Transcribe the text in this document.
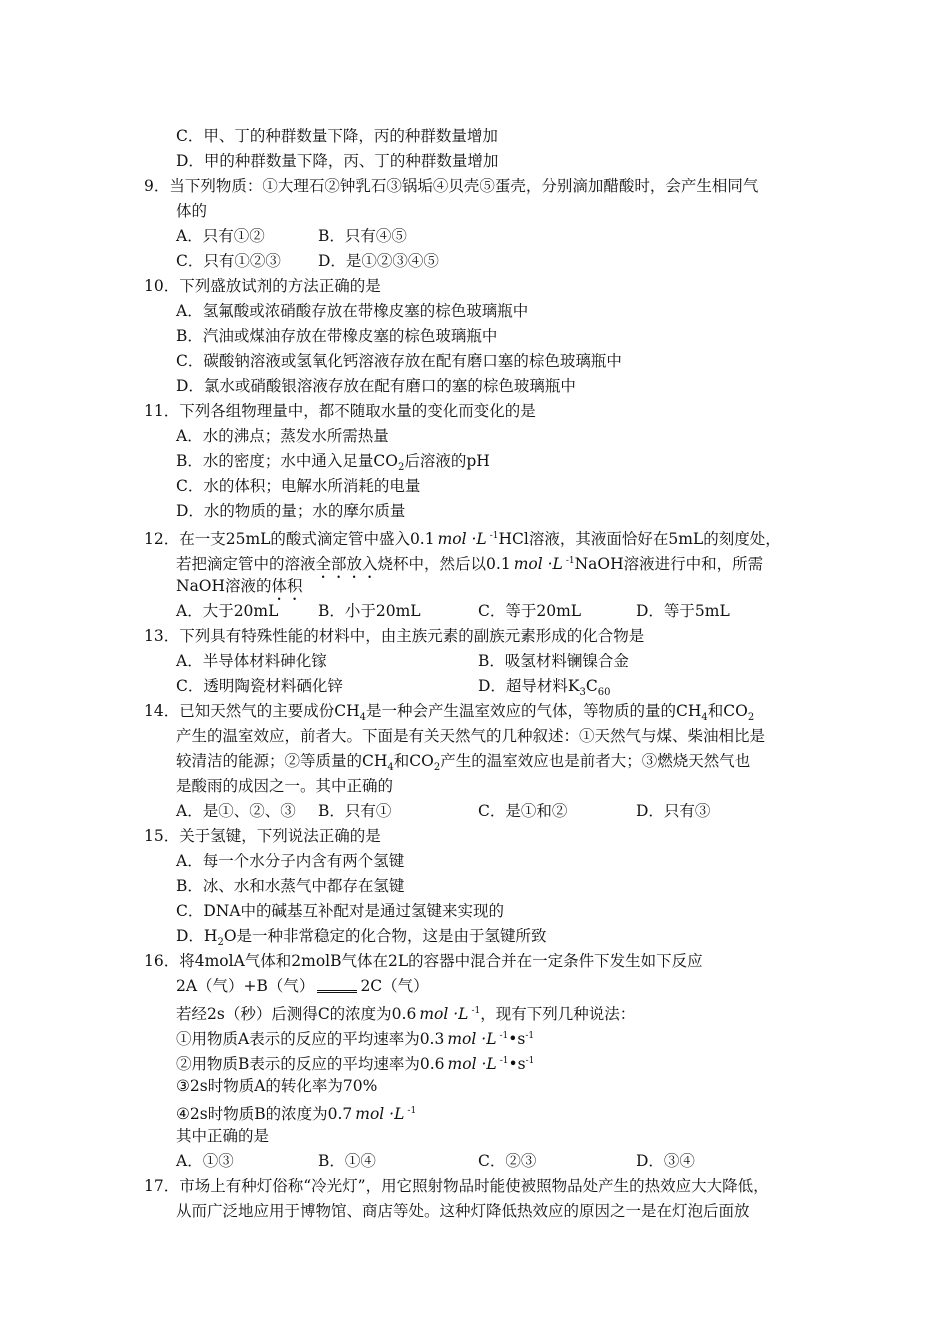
C．甲、丁的种群数量下降，丙的种群数量增加
D．甲的种群数量下降，丙、丁的种群数量增加
9．当下列物质：①大理石②钟乳石③锅垢④贝壳⑤蛋壳，分别滴加醋酸时，会产生相同气
体的
A．只有①②	B．只有④⑤
C．只有①②③ D．是①②③④⑤
10．下列盛放试剂的方法正确的是
A．氢氟酸或浓硝酸存放在带橡皮塞的棕色玻璃瓶中
B．汽油或煤油存放在带橡皮塞的棕色玻璃瓶中
C．碳酸钠溶液或氢氧化钙溶液存放在配有磨口塞的棕色玻璃瓶中
D．氯水或硝酸银溶液存放在配有磨口的塞的棕色玻璃瓶中
11．下列各组物理量中，都不随取水量的变化而变化的是
A．水的沸点；蒸发水所需热量
B．水的密度；水中通入足量$CO_2$后溶液的pH
C．水的体积；电解水所消耗的电量
D．水的物质的量；水的摩尔质量
12．在一支25mL的酸式滴定管中盛入0.1 mol ·L $^{-1}$HCl溶液，其液面恰好在5mL的刻度处，
若把滴定管中的溶液全部放入烧杯中，然后以0.1 mol ·L $^{-1}$NaOH溶液进行中和，所需
NaOH溶液的体积
A．大于20mL	B．小于20mL	C．等于20mL	D．等于5mL
13．下列具有特殊性能的材料中，由主族元素的副族元素形成的化合物是
A．半导体材料砷化镓	B．吸氢材料镧镍合金
C．透明陶瓷材料硒化锌	D．超导材料$K_3C_{60}$
14．已知天然气的主要成份$CH_4$是一种会产生温室效应的气体，等物质的量的$CH_4$和$CO_2$
产生的温室效应，前者大。下面是有关天然气的几种叙述：①天然气与煤、柴油相比是
较清洁的能源；②等质量的$CH_4$和$CO_2$产生的温室效应也是前者大；③燃烧天然气也
是酸雨的成因之一。其中正确的
A．是①、②、③ B．只有①	C．是①和②	D．只有③
15．关于氢键，下列说法正确的是
A．每一个水分子内含有两个氢键
B．冰、水和水蒸气中都存在氢键
C．DNA中的碱基互补配对是通过氢键来实现的
D．$H_2O$是一种非常稳定的化合物，这是由于氢键所致
16．将4molA气体和2molB气体在2L的容器中混合并在一定条件下发生如下反应
2A（气）+B（气）	2C（气）
若经2s（秒）后测得C的浓度为0.6 mol ·L $^{-1}$，现有下列几种说法：
①用物质A表示的反应的平均速率为0.3 mol ·L $^{-1}•s^{-1}$
②用物质B表示的反应的平均速率为0.6 mol ·L $^{-1}•s^{-1}$
③2s时物质A的转化率为70%
④2s时物质B的浓度为0.7 mol ·L $^{-1}$
其中正确的是
A．①③	B．①④	C．②③	D．③④
17．市场上有种灯俗称“冷光灯”，用它照射物品时能使被照物品处产生的热效应大大降低，
从而广泛地应用于博物馆、商店等处。这种灯降低热效应的原因之一是在灯泡后面放
